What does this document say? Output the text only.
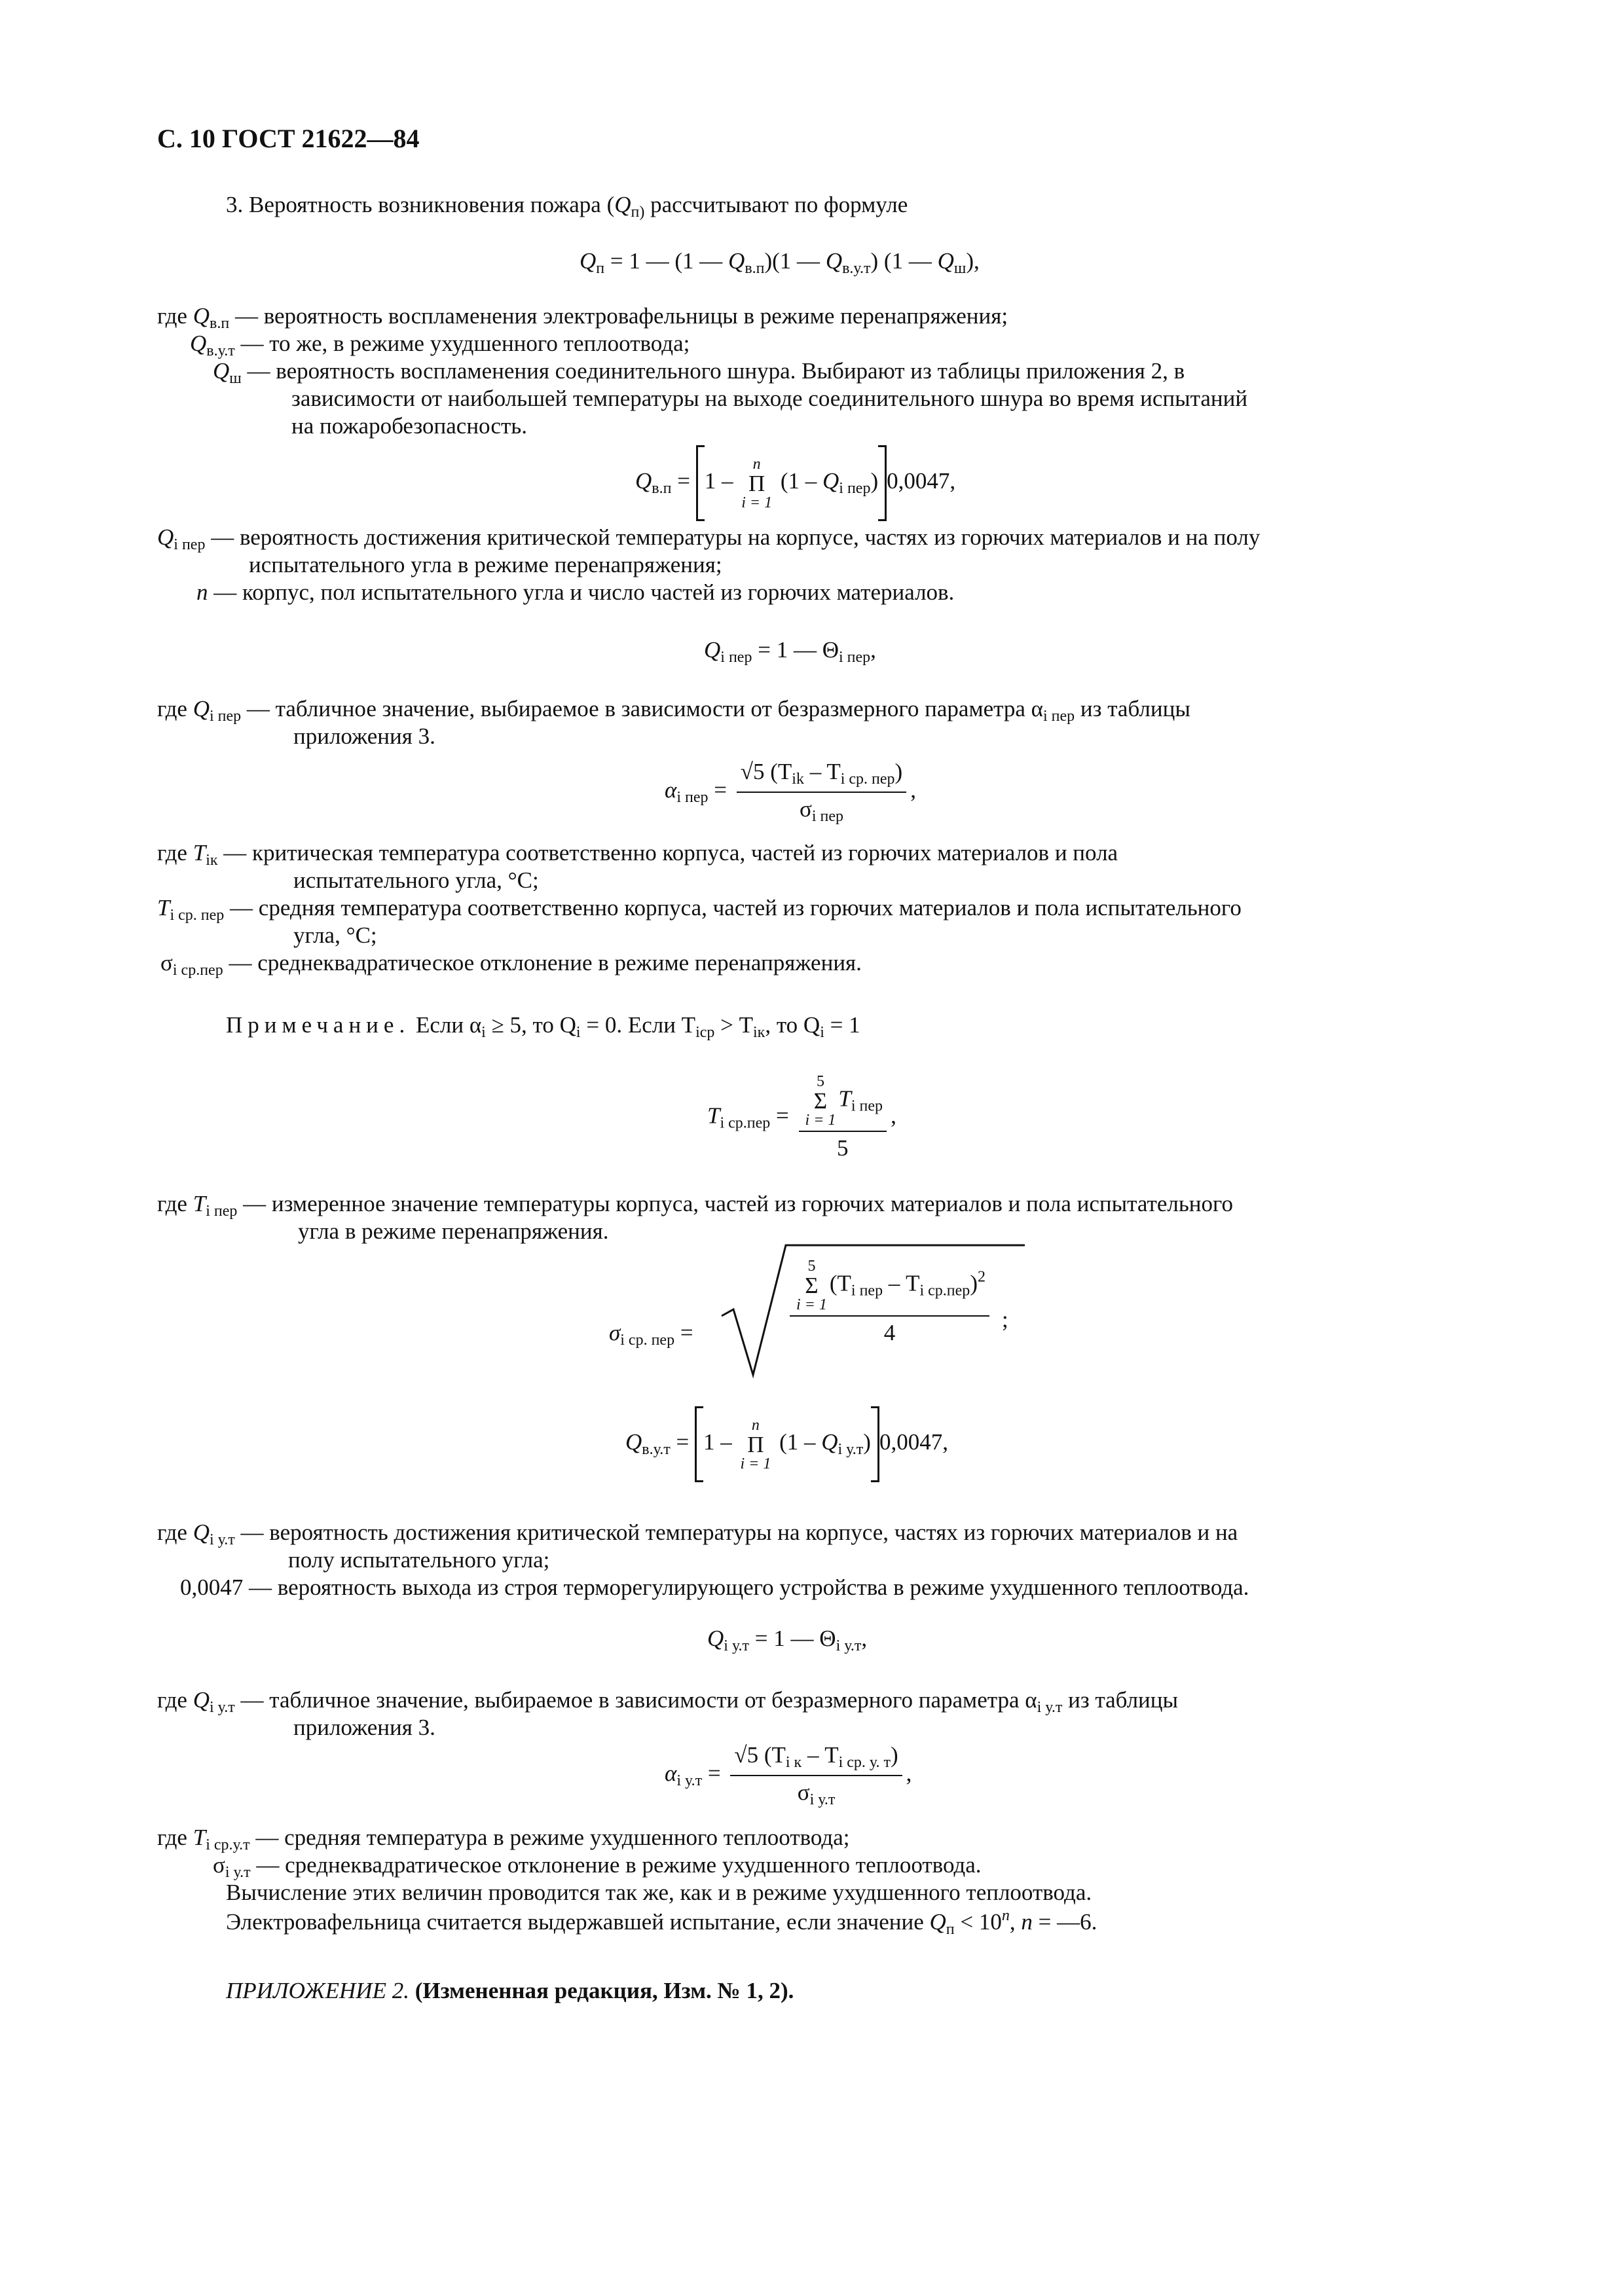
С. 10 ГОСТ 21622—84
3. Вероятность возникновения пожара ($Q_{п)}$ рассчитывают по формуле
$Q_п = 1$ — (1 — $Q_{в.п})(1$ — $Q_{в.у.т}$) (1 — $Q_ш$),
где $Q_{в.п}$ — вероятность воспламенения электровафельницы в режиме перенапряжения;
$Q_{в.у.т}$ — то же, в режиме ухудшенного теплоотвода;
$Q_ш$ — вероятность воспламенения соединительного шнура. Выбирают из таблицы приложения 2, в
зависимости от наибольшей температуры на выходе соединительного шнура во время испытаний
на пожаробезопасность.
$Q_{в.п} = 1$ –
n
Π
i = 1
$(1 - Q_{i пер})$ 0,0047,
$Q_{i пер}$ — вероятность достижения критической температуры на корпусе, частях из горючих материалов и на полу
испытательного угла в режиме перенапряжения;
n — корпус, пол испытательного угла и число частей из горючих материалов.
$Q_{i пер} = 1$ — $\Theta_{i пер}$,
где $Q_{i пер}$ — табличное значение, выбираемое в зависимости от безразмерного параметра $\alpha_{i пер}$ из таблицы
приложения 3.
$\alpha_{i пер} = \frac{√5 (T_{ik} - T_{i ср. пер})}{\sigma_{i пер}}$ ,
где $T_{iк}$ — критическая температура соответственно корпуса, частей из горючих материалов и пола
испытательного угла, °С;
$T_{i ср. пер}$ — средняя температура соответственно корпуса, частей из горючих материалов и пола испытательного
угла, °С;
$\sigma_{i ср.пер}$ — среднеквадратическое отклонение в режиме перенапряжения.
Примечание. Если $\alpha_i \ge 5$, то $Q_i = 0$. Если $T_{iср} > T_{iк}$, то $Q_i = 1$
$T_{i ср.пер} = 5$
Σ
i = 1
$T_{i пер}$
5 ,
где $T_{i пер}$ — измеренное значение температуры корпуса, частей из горючих материалов и пола испытательного
угла в режиме перенапряжения.
$\sigma_{i ср. пер}$ =	5
Σ
i = 1
$(T_{i пер} - T_{i ср.пер})^2$
4 ;
$Q_{в.у.т} = 1$ –
n
Π
i = 1
$(1 - Q_{i у.т})$ 0,0047,
где $Q_{i у.т}$ — вероятность достижения критической температуры на корпусе, частях из горючих материалов и на
полу испытательного угла;
0,0047 — вероятность выхода из строя терморегулирующего устройства в режиме ухудшенного теплоотвода.
$Q_{i у.т} = 1$ — $\Theta_{i у.т}$,
где $Q_{i у.т}$ — табличное значение, выбираемое в зависимости от безразмерного параметра $\alpha_{i у.т}$ из таблицы
приложения 3.
$\alpha_{i у.т} = \frac{√5 (T_{i к} - T_{i ср. у. т})}{\sigma_{i у.т}}$ ,
где $T_{i ср.у.т}$ — средняя температура в режиме ухудшенного теплоотвода;
$\sigma_{i у.т}$ — среднеквадратическое отклонение в режиме ухудшенного теплоотвода.
Вычисление этих величин проводится так же, как и в режиме ухудшенного теплоотвода.
Электровафельница считается выдержавшей испытание, если значение $Q_п < 10^n$, n = —6.
ПРИЛОЖЕНИЕ 2. (Измененная редакция, Изм. № 1, 2).
